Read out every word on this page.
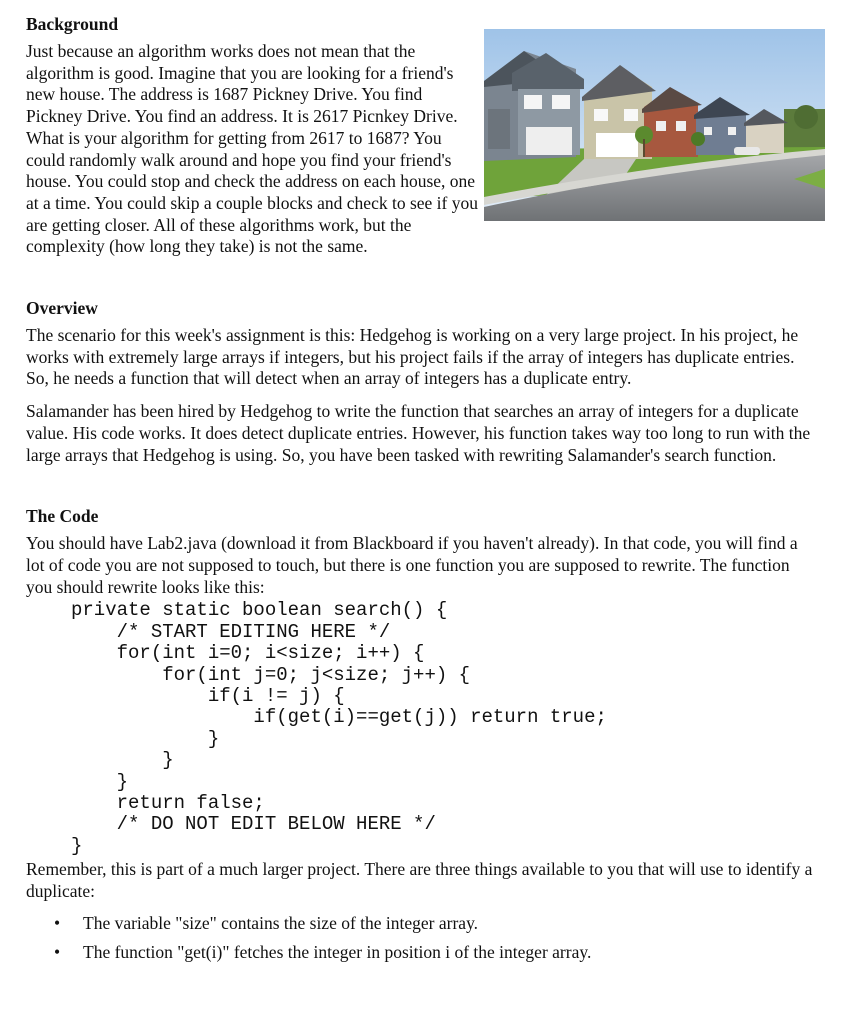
Background

Just because an algorithm works does not mean that the algorithm is good. Imagine that you are looking for a friend's new house. The address is 1687 Pickney Drive. You find Pickney Drive. You find an address. It is 2617 Picnkey Drive. What is your algorithm for getting from 2617 to 1687? You could randomly walk around and hope you find your friend's house. You could stop and check the address on each house, one at a time. You could skip a couple blocks and check to see if you are getting closer. All of these algorithms work, but the complexity (how long they take) is not the same.

Overview

The scenario for this week's assignment is this: Hedgehog is working on a very large project. In his project, he works with extremely large arrays if integers, but his project fails if the array of integers has duplicate entries. So, he needs a function that will detect when an array of integers has a duplicate entry.

Salamander has been hired by Hedgehog to write the function that searches an array of integers for a duplicate value. His code works. It does detect duplicate entries. However, his function takes way too long to run with the large arrays that Hedgehog is using. So, you have been tasked with rewriting Salamander's search function.

The Code

You should have Lab2.java (download it from Blackboard if you haven't already). In that code, you will find a lot of code you are not supposed to touch, but there is one function you are supposed to rewrite. The function you should rewrite looks like this:

private static boolean search() {
/* START EDITING HERE */
for(int i=0; i<size; i++) {
for(int j=0; j<size; j++) {
if(i != j) {
if(get(i)==get(j)) return true;
}
}
}
return false;
/* DO NOT EDIT BELOW HERE */
}

Remember, this is part of a much larger project. There are three things available to you that will use to identify a duplicate:

• The variable "size" contains the size of the integer array.
• The function "get(i)" fetches the integer in position i of the integer array.
